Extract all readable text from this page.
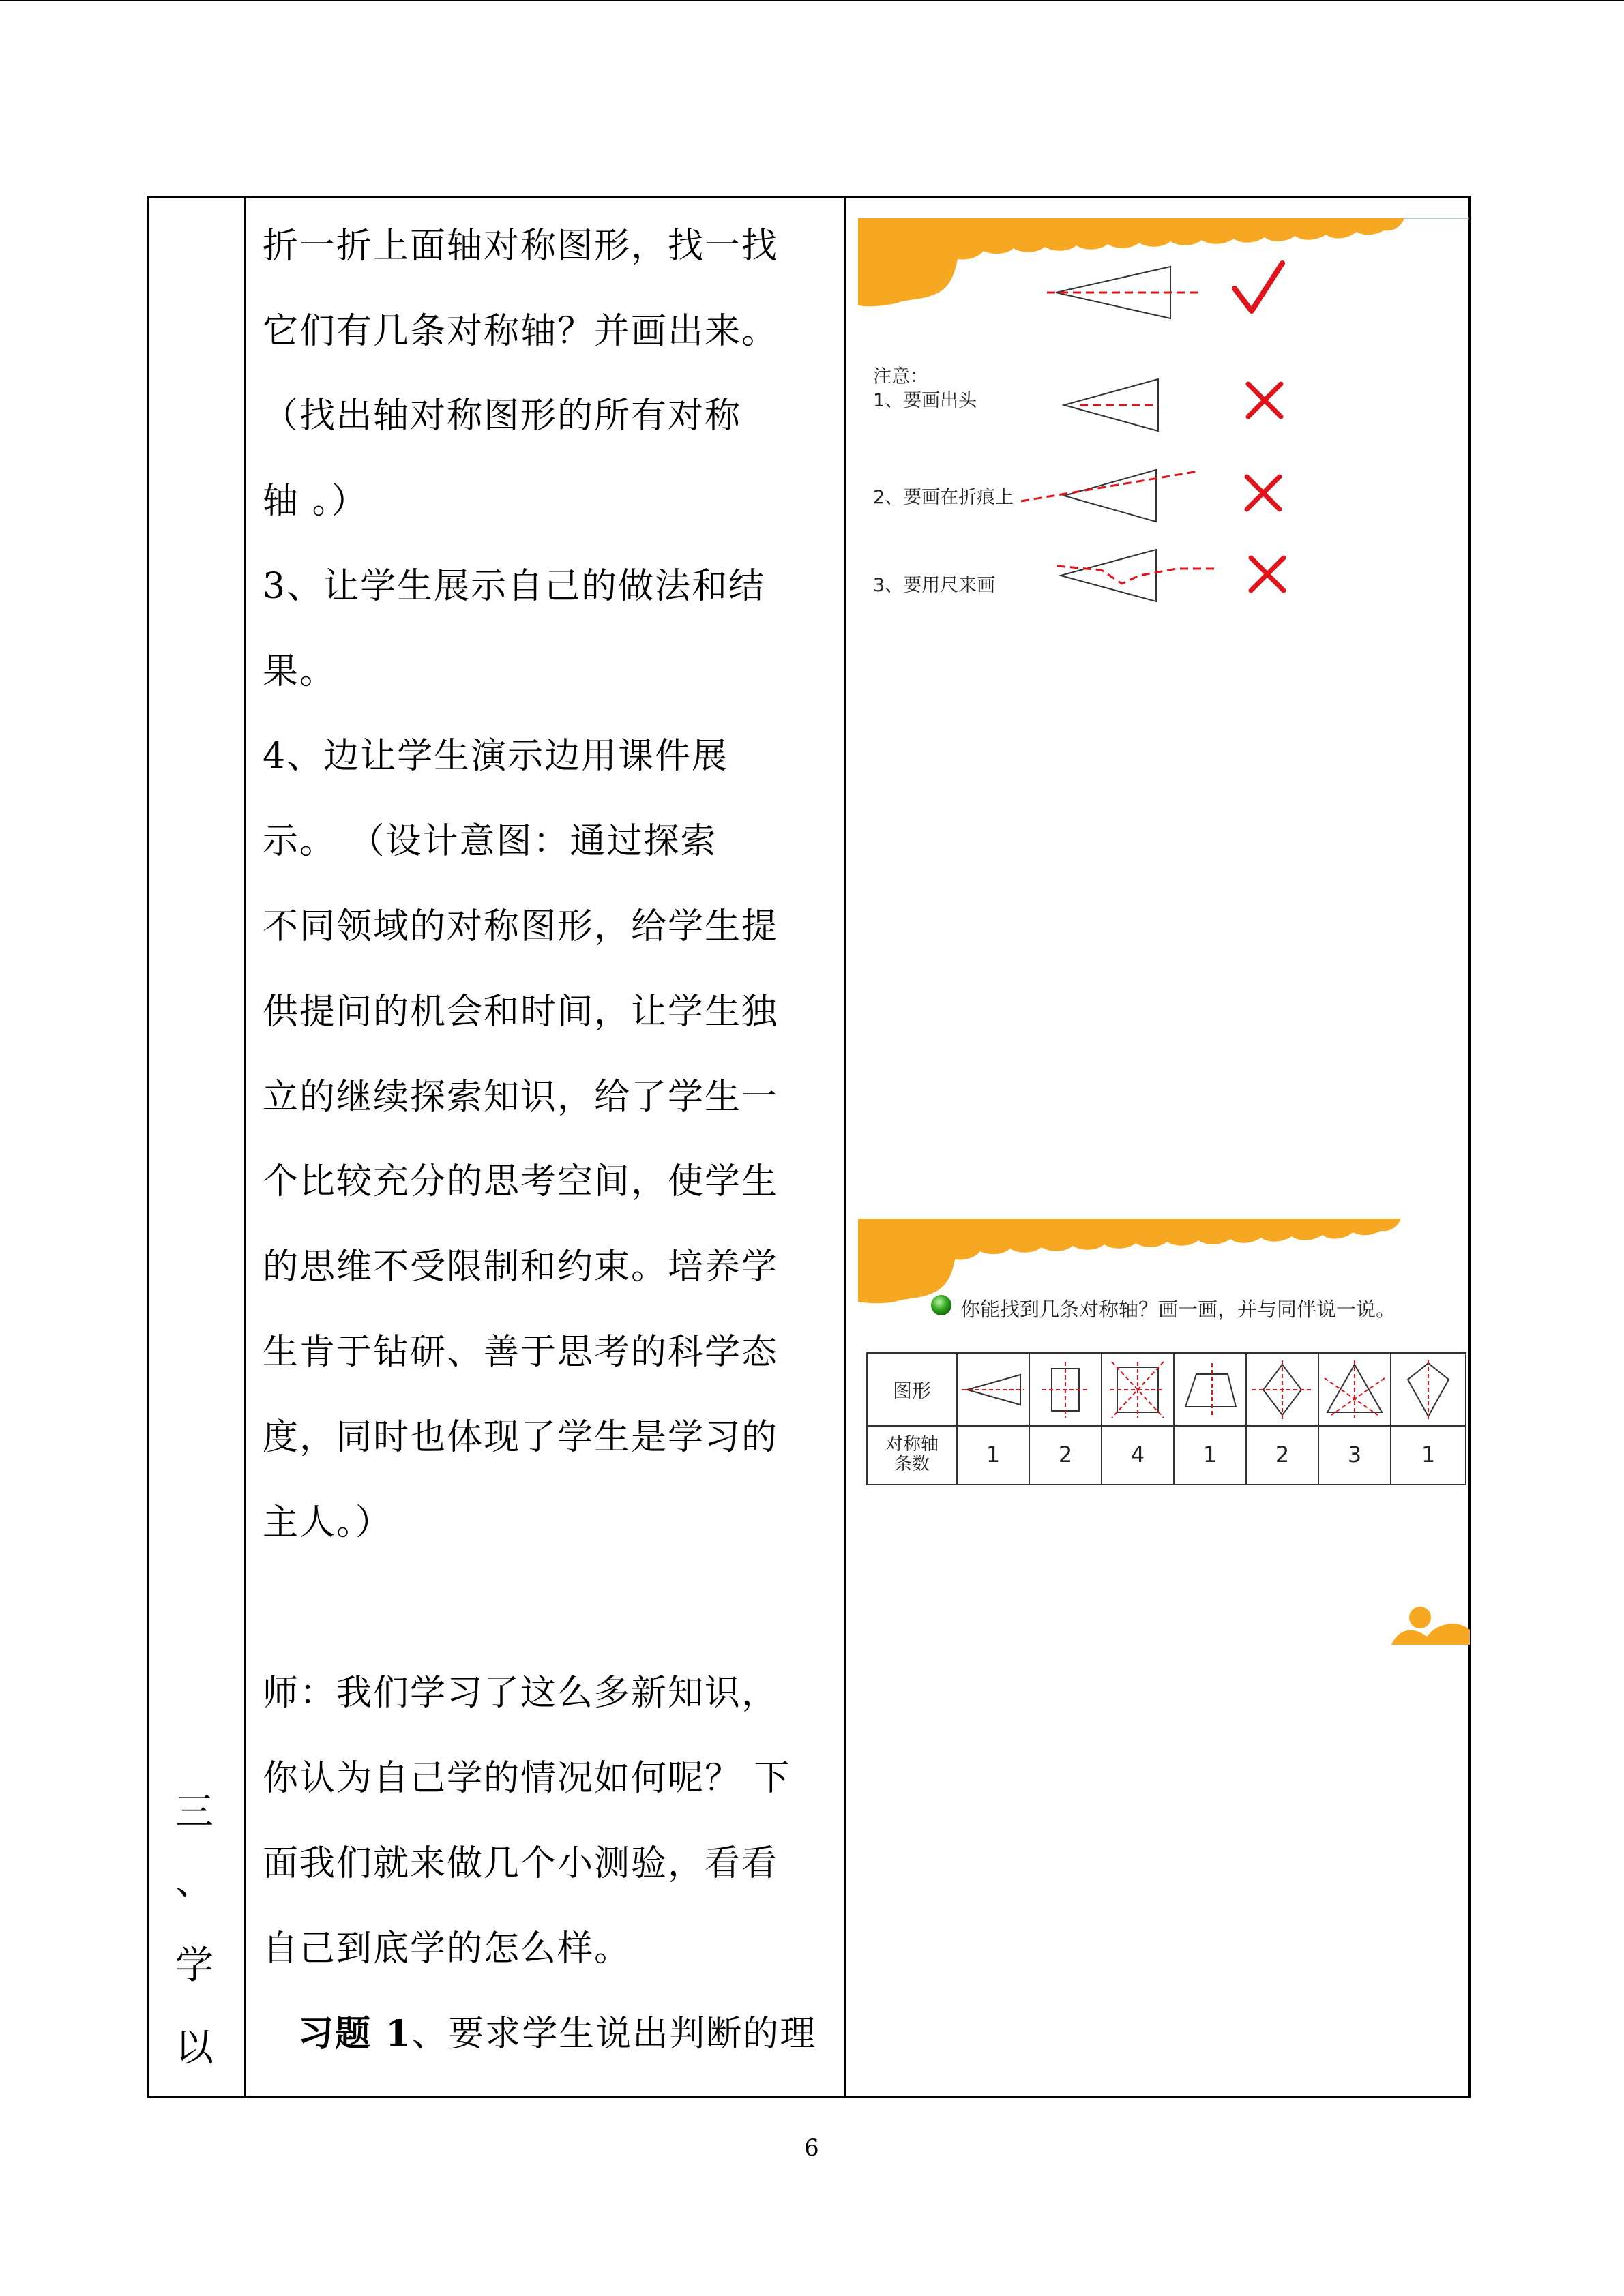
三
、
学
以
折一折上面轴对称图形，找一找
它们有几条对称轴？并画出来。
（找出轴对称图形的所有对称
轴 。）
3、让学生展示自己的做法和结
果。
4、边让学生演示边用课件展
示。 （设计意图：通过探索
不同领域的对称图形，给学生提
供提问的机会和时间，让学生独
立的继续探索知识，给了学生一
个比较充分的思考空间，使学生
的思维不受限制和约束。培养学
生肯于钻研、善于思考的科学态
度，同时也体现了学生是学习的
主人。）
师：我们学习了这么多新知识，
你认为自己学的情况如何呢？ 下
面我们就来做几个小测验，看看
自己到底学的怎么样。
习题 1、要求学生说出判断的理
注意：
1、要画出头
2、要画在折痕上
3、要用尺来画
你能找到几条对称轴？画一画，并与同伴说一说。
图形
对称轴
条数	1	2	4	1	2	3	1
6
